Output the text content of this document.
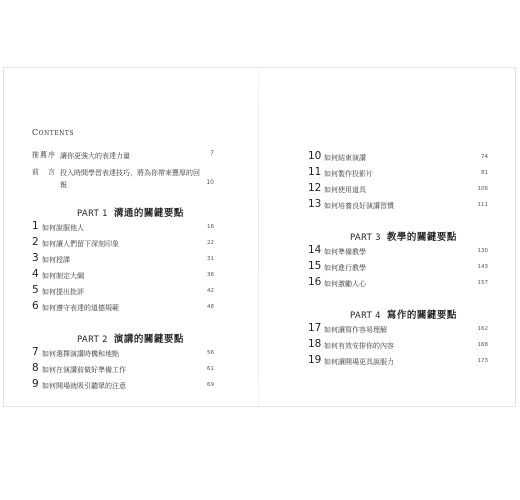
Contents
推薦序 讓你更強大的表達力量	7
前　言 投入時間學習表達技巧，將為你帶來豐厚的回報	10
PART 1 溝通的關鍵要點
1 如何說服他人	16
2 如何讓人們留下深刻印象	22
3 如何授課	31
4 如何制定大綱	36
5 如何提出批評	42
6 如何遵守表達的道德規範	48
PART 2 演講的關鍵要點
7 如何選擇演講時機和地點	56
8 如何在演講前做好準備工作	61
9 如何開場就吸引聽眾的注意	69
10 如何結束演講	74
11 如何製作投影片	81
12 如何使用道具	106
13 如何培養良好演講習慣	111
PART 3 教學的關鍵要點
14 如何準備教學	130
15 如何進行教學	143
16 如何激勵人心	157
PART 4 寫作的關鍵要點
17 如何讓寫作容易理解	162
18 如何有效安排你的內容	168
19 如何讓開場更具說服力	173
